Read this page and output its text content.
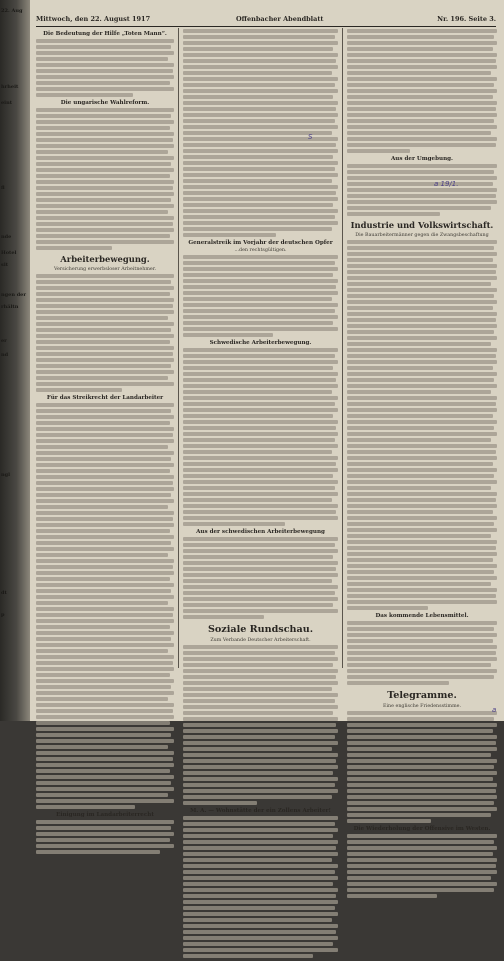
22. Aug
hrheit
eint
fl
nde
Hotel
sit
ngen der
rhältn
er
nd
ngl
dt
p
Mittwoch, den 22. August 1917	Offenbacher Abendblatt	Nr. 196. Seite 3.
Die Bedeutung der Hilfe „Toten Mann“.
Die ungarische Wahlreform.
Arbeiterbewegung.
Versicherung erwerbsloser Arbeitnehmer.
Für das Streikrecht der Landarbeiter
Einigung im Landarbeiterrecht
Generalstreik im Vorjahr der deutschen Opfer
...den rechtsgültigen.
Schwedische Arbeiterbewegung.
Aus der schwedischen Arbeiterbewegung
Soziale Rundschau.
Zum Verbande Deutscher Arbeiterschaft.
M. A. — Wohnstätte der ein Zollens Arbeiter!
Aus der Umgebung.
Industrie und Volkswirtschaft.
Die Bauarbeitermänner gegen die Zwangsbeschaftung
Das kommende Lebensmittel.
Telegramme.
Eine englische Friedensstimme.
Die Wiederholung der Offensive im Westen.
S
a 19/1.
a
